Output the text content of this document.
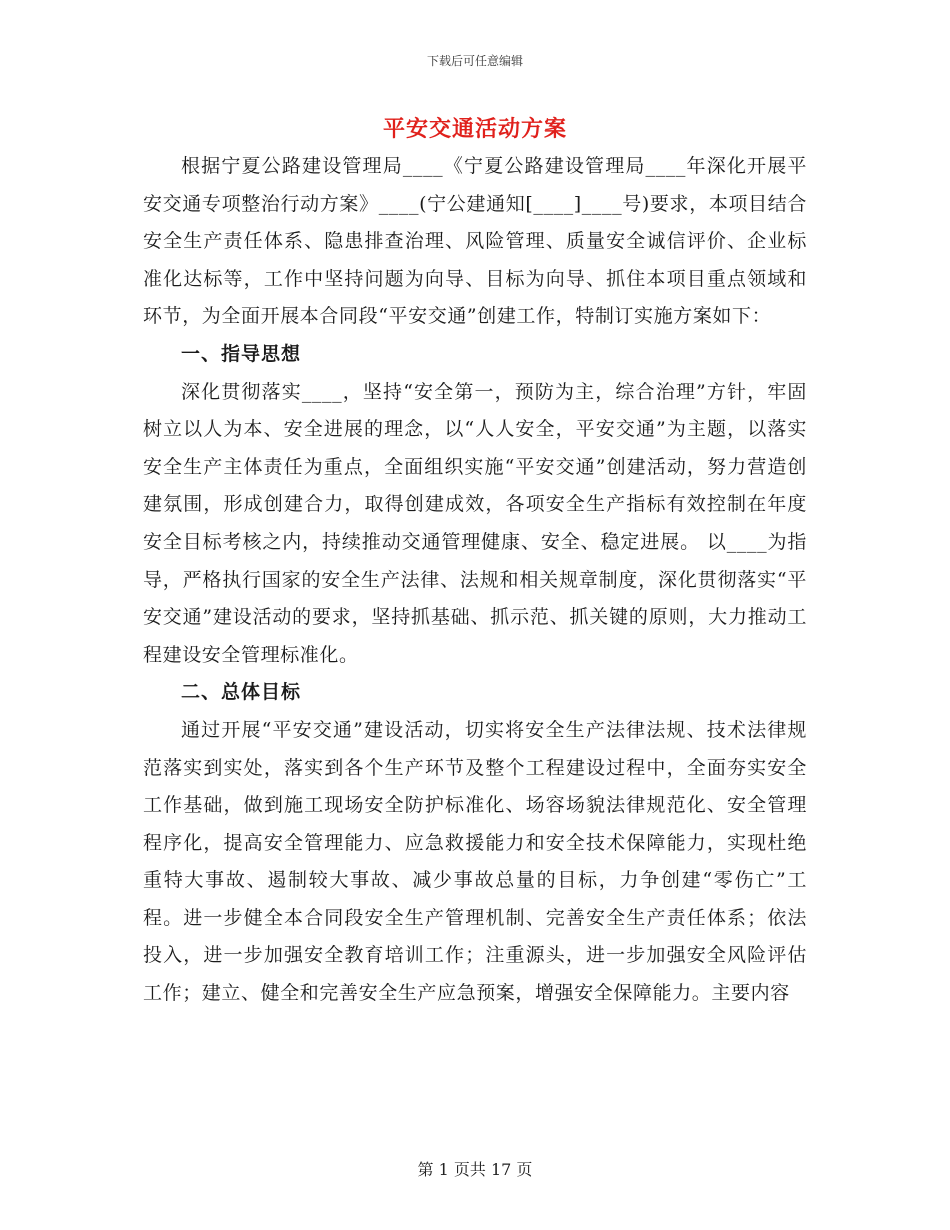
下载后可任意编辑
平安交通活动方案

根据宁夏公路建设管理局____《宁夏公路建设管理局____年深化开展平安交通专项整治行动方案》____(宁公建通知[____]____号)要求，本项目结合安全生产责任体系、隐患排查治理、风险管理、质量安全诚信评价、企业标准化达标等，工作中坚持问题为向导、目标为向导、抓住本项目重点领域和环节，为全面开展本合同段“平安交通”创建工作，特制订实施方案如下：

一、指导思想

深化贯彻落实____，坚持“安全第一，预防为主，综合治理”方针，牢固树立以人为本、安全进展的理念，以“人人安全，平安交通”为主题，以落实安全生产主体责任为重点，全面组织实施“平安交通”创建活动，努力营造创建氛围，形成创建合力，取得创建成效，各项安全生产指标有效控制在年度安全目标考核之内，持续推动交通管理健康、安全、稳定进展。 以____为指导，严格执行国家的安全生产法律、法规和相关规章制度，深化贯彻落实“平安交通”建设活动的要求，坚持抓基础、抓示范、抓关键的原则，大力推动工程建设安全管理标准化。

二、总体目标

通过开展“平安交通”建设活动，切实将安全生产法律法规、技术法律规范落实到实处，落实到各个生产环节及整个工程建设过程中，全面夯实安全工作基础，做到施工现场安全防护标准化、场容场貌法律规范化、安全管理程序化，提高安全管理能力、应急救援能力和安全技术保障能力，实现杜绝重特大事故、遏制较大事故、减少事故总量的目标，力争创建“零伤亡”工程。进一步健全本合同段安全生产管理机制、完善安全生产责任体系；依法投入，进一步加强安全教育培训工作；注重源头，进一步加强安全风险评估工作；建立、健全和完善安全生产应急预案，增强安全保障能力。主要内容

第 1 页共 17 页
